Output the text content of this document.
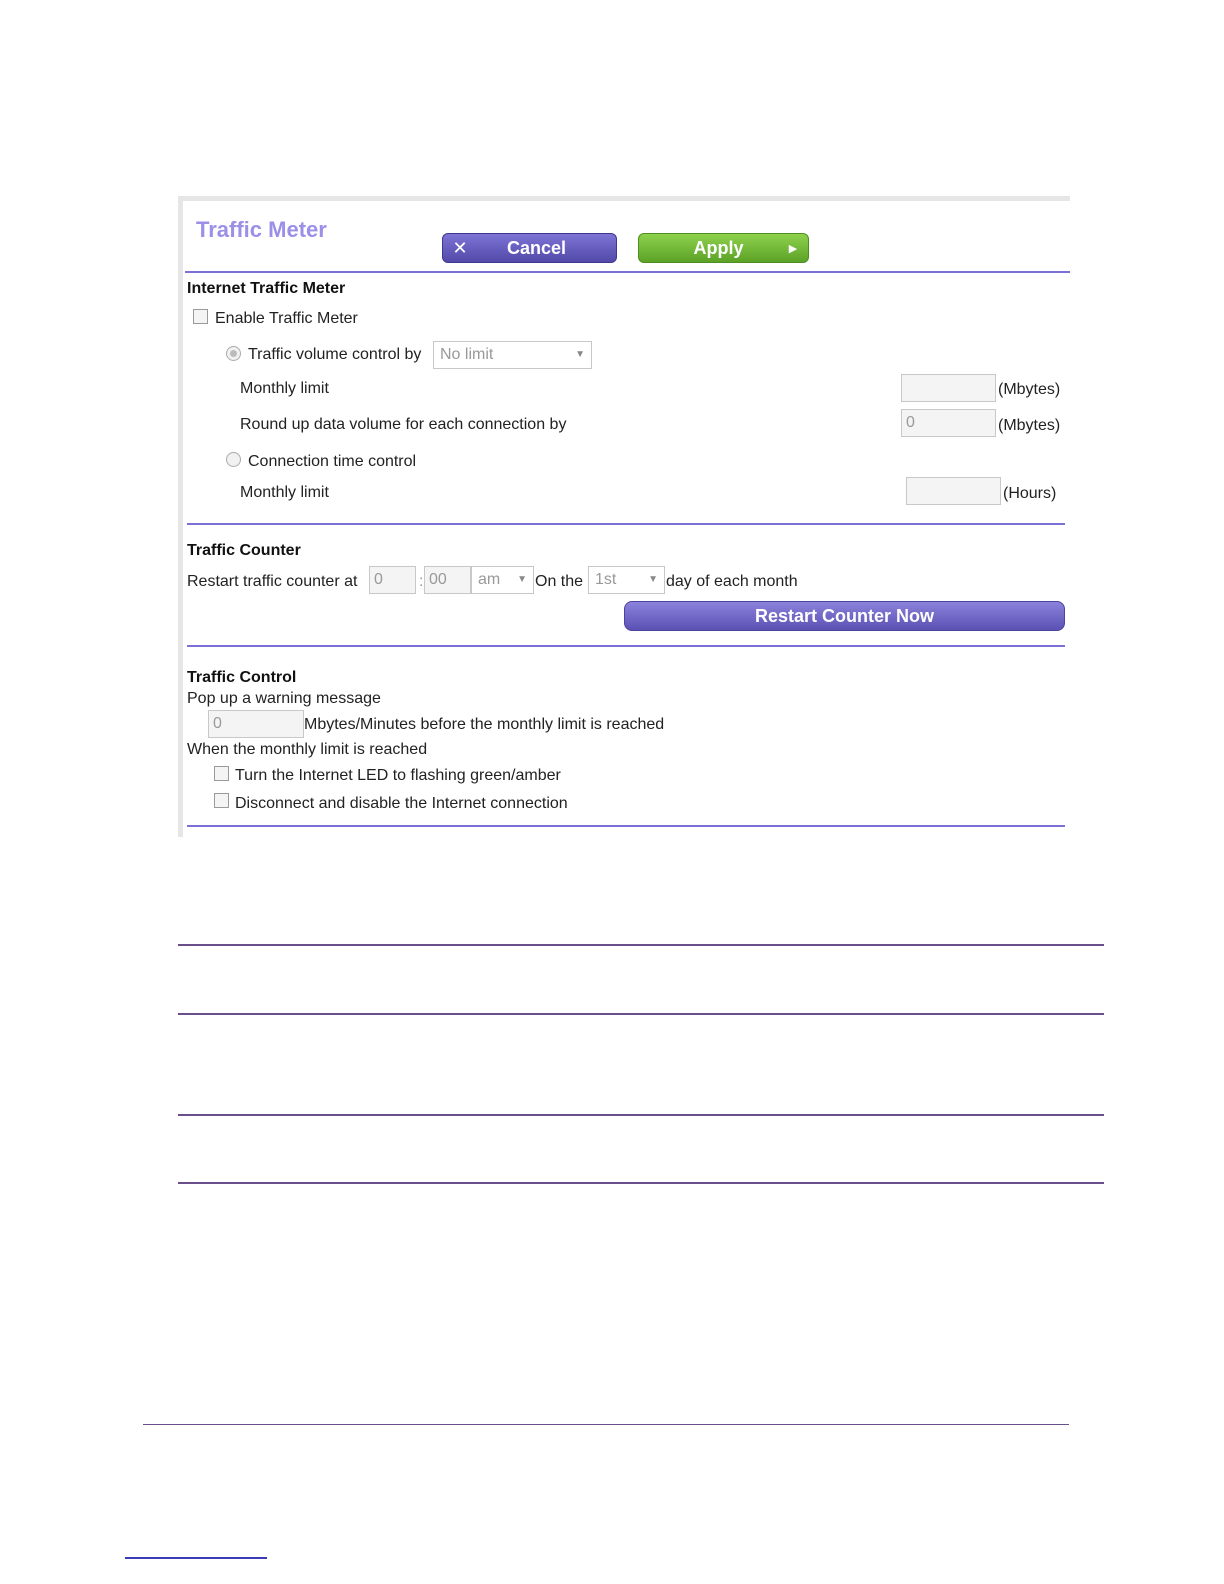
Traffic Meter
✕	Cancel	Apply	▶
Internet Traffic Meter
Enable Traffic Meter
Traffic volume control by	No limit	▼
Monthly limit	(Mbytes)
Round up data volume for each connection by	0	(Mbytes)
Connection time control
Monthly limit	(Hours)
Traffic Counter
Restart traffic counter at	0	: 00	am ▼ On the 1st	▼ day of each month
Restart Counter Now
Traffic Control
Pop up a warning message
0	Mbytes/Minutes before the monthly limit is reached
When the monthly limit is reached
Turn the Internet LED to flashing green/amber
Disconnect and disable the Internet connection
